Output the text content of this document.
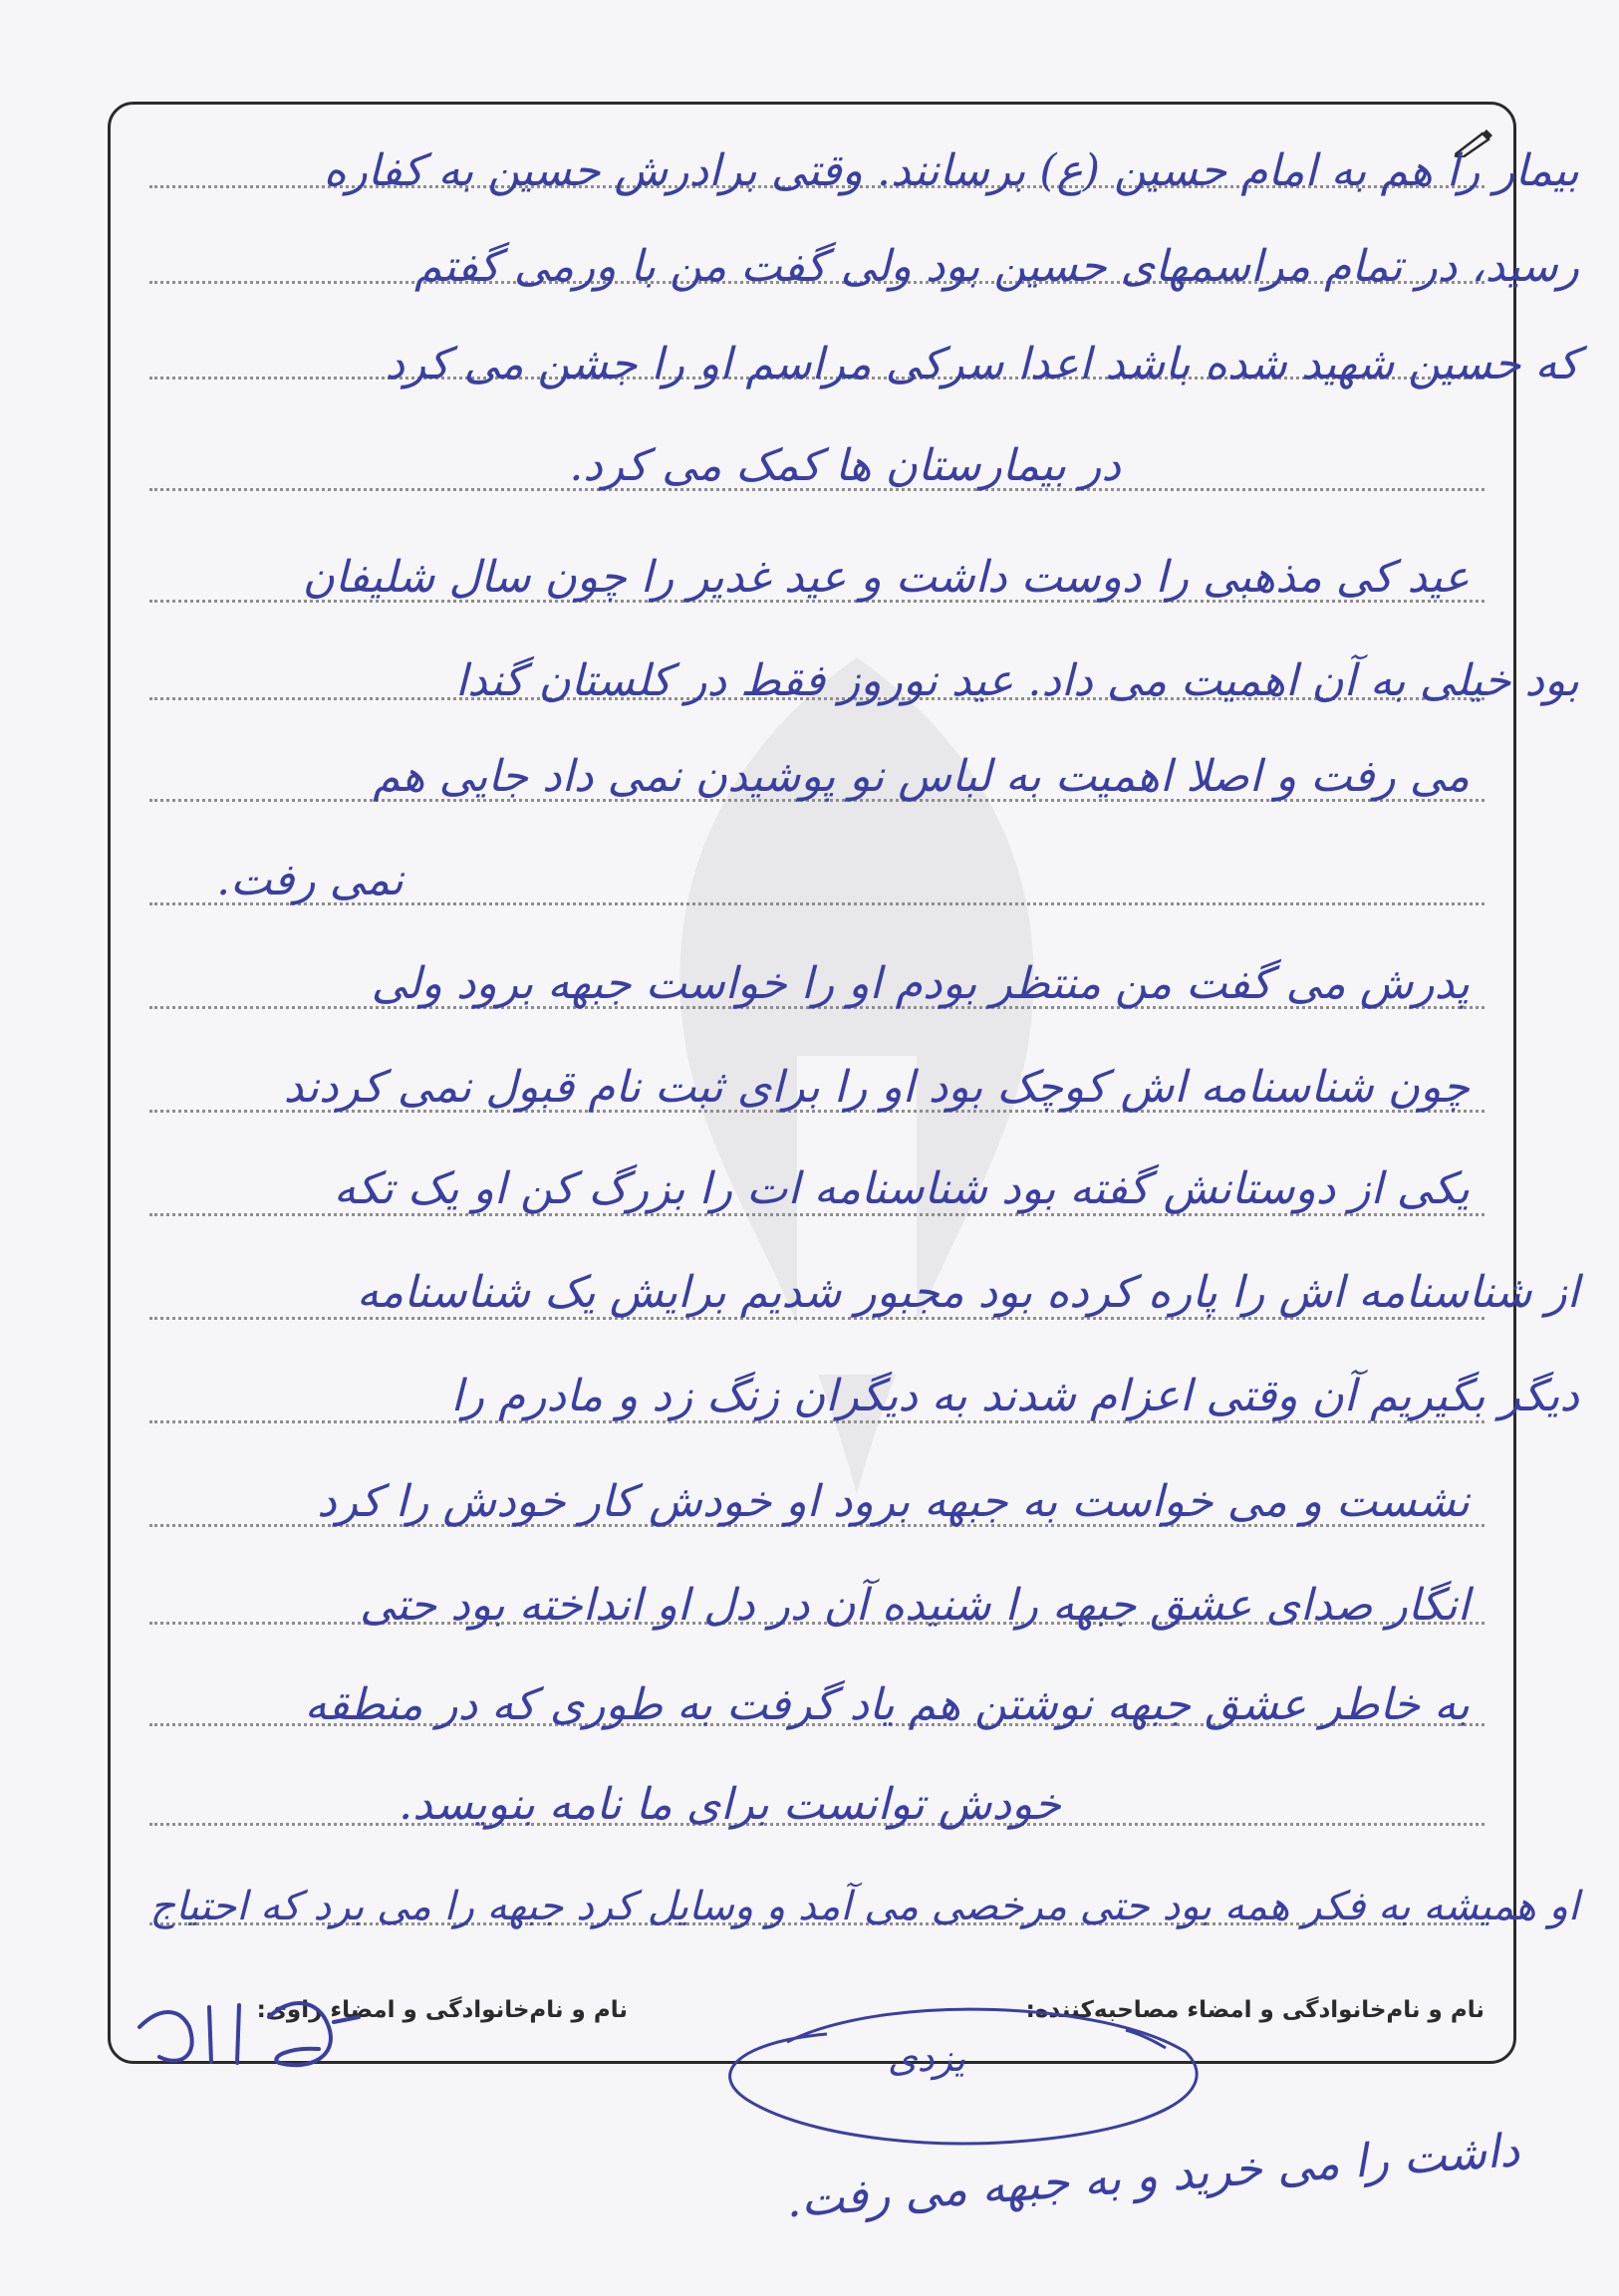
بیمار را هم به امام حسین (ع) برسانند. وقتی برادرش حسین به کفاره
رسید، در تمام مراسمهای حسین بود ولی گفت من با ورمی گفتم
که حسین شهید شده باشد اعدا سرکی مراسم او را جشن می کرد
در بیمارستان ها کمک می کرد.
عید کی مذهبی را دوست داشت و عید غدیر را چون سال شلیفان
بود خیلی به آن اهمیت می داد. عید نوروز فقط در کلستان گندا
می رفت و اصلا اهمیت به لباس نو پوشیدن نمی داد جایی هم
نمی رفت.
پدرش می گفت من منتظر بودم او را خواست جبهه برود ولی
چون شناسنامه اش کوچک بود او را برای ثبت نام قبول نمی کردند
یکی از دوستانش گفته بود شناسنامه ات را بزرگ کن او یک تکه
از شناسنامه اش را پاره کرده بود مجبور شدیم برایش یک شناسنامه
دیگر بگیریم آن وقتی اعزام شدند به دیگران زنگ زد و مادرم را
نشست و می خواست به جبهه برود او خودش کار خودش را کرد
انگار صدای عشق جبهه را شنیده آن در دل او انداخته بود حتی
به خاطر عشق جبهه نوشتن هم یاد گرفت به طوری که در منطقه
خودش توانست برای ما نامه بنویسد.
او همیشه به فکر همه بود حتی مرخصی می آمد و وسایل کرد جبهه را می برد که احتیاج
نام و نام‌خانوادگی و امضاء مصاحبه‌کننده:
نام و نام‌خانوادگی و امضاء راوی:
یزدی
داشت را می خرید و به جبهه می رفت.
